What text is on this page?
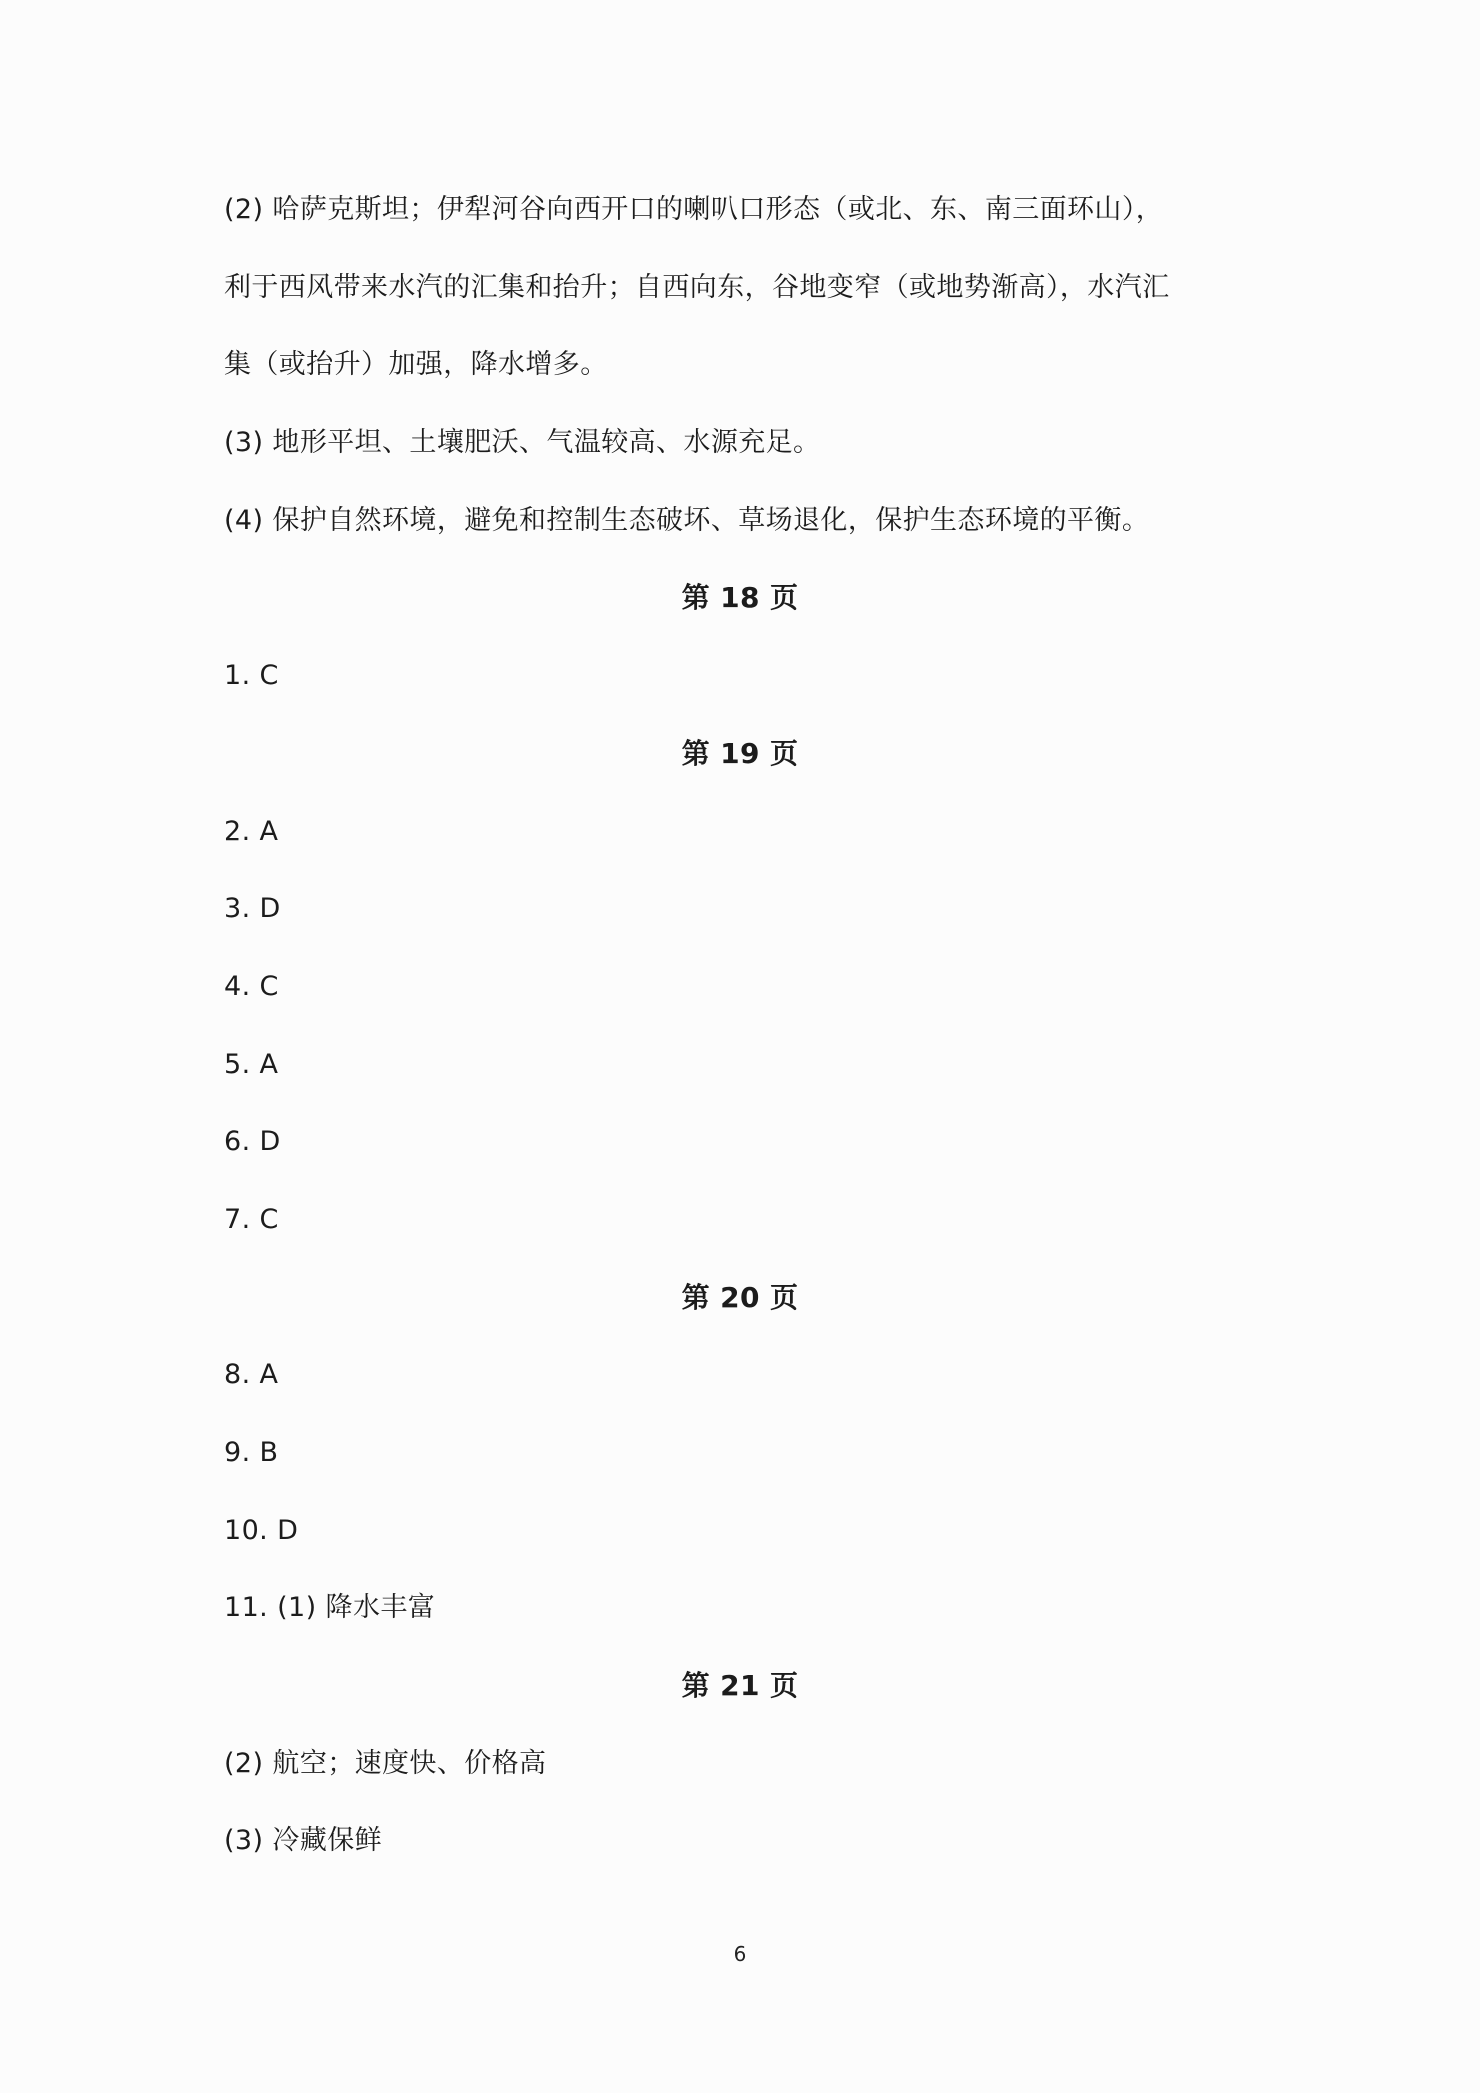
(2) 哈萨克斯坦；伊犁河谷向西开口的喇叭口形态（或北、东、南三面环山），
利于西风带来水汽的汇集和抬升；自西向东，谷地变窄（或地势渐高），水汽汇
集（或抬升）加强，降水增多。
(3) 地形平坦、土壤肥沃、气温较高、水源充足。
(4) 保护自然环境，避免和控制生态破坏、草场退化，保护生态环境的平衡。
第 18 页
1. C
第 19 页
2. A
3. D
4. C
5. A
6. D
7. C
第 20 页
8. A
9. B
10. D
11. (1) 降水丰富
第 21 页
(2) 航空；速度快、价格高
(3) 冷藏保鲜
6
